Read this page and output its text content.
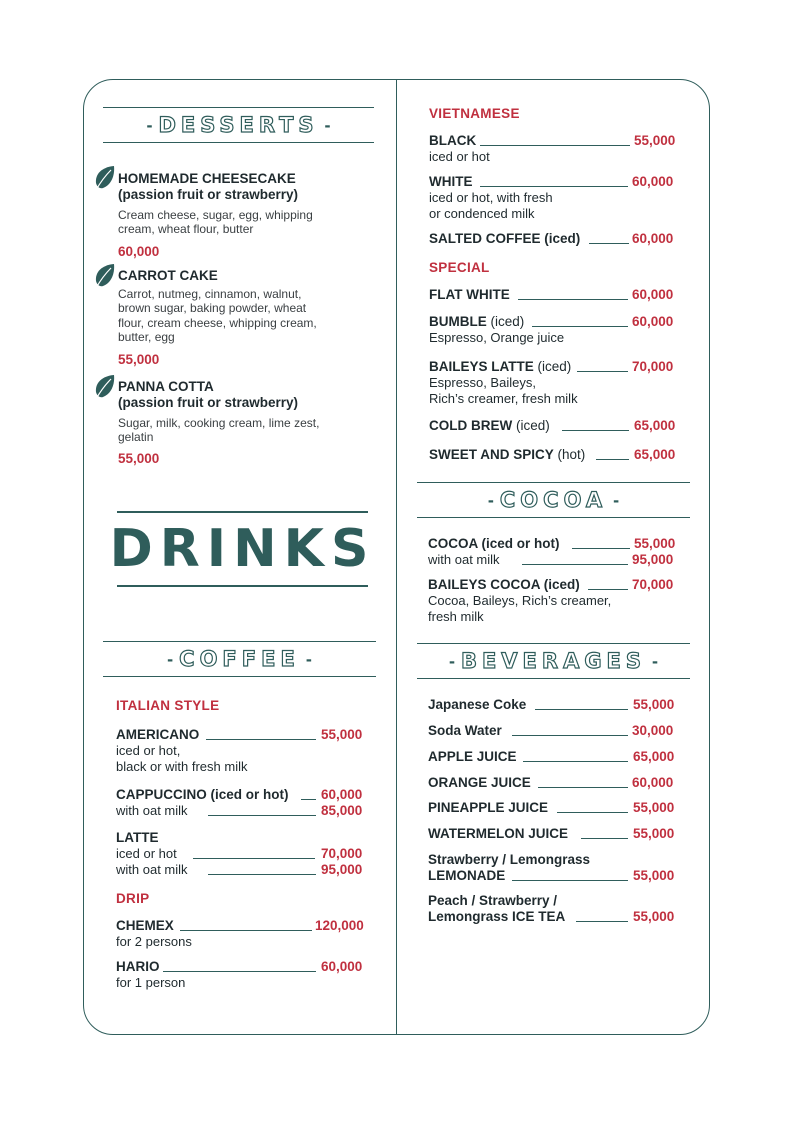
- DESSERTS -
HOMEMADE CHEESECAKE
(passion fruit or strawberry)
Cream cheese, sugar, egg, whipping
cream, wheat flour, butter
60,000
CARROT CAKE
Carrot, nutmeg, cinnamon, walnut,
brown sugar, baking powder, wheat
flour, cream cheese, whipping cream,
butter, egg
55,000
PANNA COTTA
(passion fruit or strawberry)
Sugar, milk, cooking cream, lime zest,
gelatin
55,000
DRINKS
- COFFEE -
ITALIAN STYLE
AMERICANO	55,000
iced or hot,
black or with fresh milk
CAPPUCCINO (iced or hot) 60,000
with oat milk	85,000
LATTE
iced or hot	70,000
with oat milk	95,000
DRIP
CHEMEX	120,000
for 2 persons
HARIO	60,000
for 1 person
VIETNAMESE
BLACK	55,000
iced or hot
WHITE	60,000
iced or hot, with fresh
or condenced milk
SALTED COFFEE (iced)	60,000
SPECIAL
FLAT WHITE	60,000
BUMBLE (iced)	60,000
Espresso, Orange juice
BAILEYS LATTE (iced)	70,000
Espresso, Baileys,
Rich’s creamer, fresh milk
COLD BREW (iced)	65,000
SWEET AND SPICY (hot)	65,000
- COCOA -
COCOA (iced or hot)	55,000
with oat milk	95,000
BAILEYS COCOA (iced)	70,000
Cocoa, Baileys, Rich’s creamer,
fresh milk
- BEVERAGES -
Japanese Coke	55,000
Soda Water	30,000
APPLE JUICE	65,000
ORANGE JUICE	60,000
PINEAPPLE JUICE	55,000
WATERMELON JUICE	55,000
Strawberry / Lemongrass
LEMONADE	55,000
Peach / Strawberry /
Lemongrass ICE TEA	55,000
